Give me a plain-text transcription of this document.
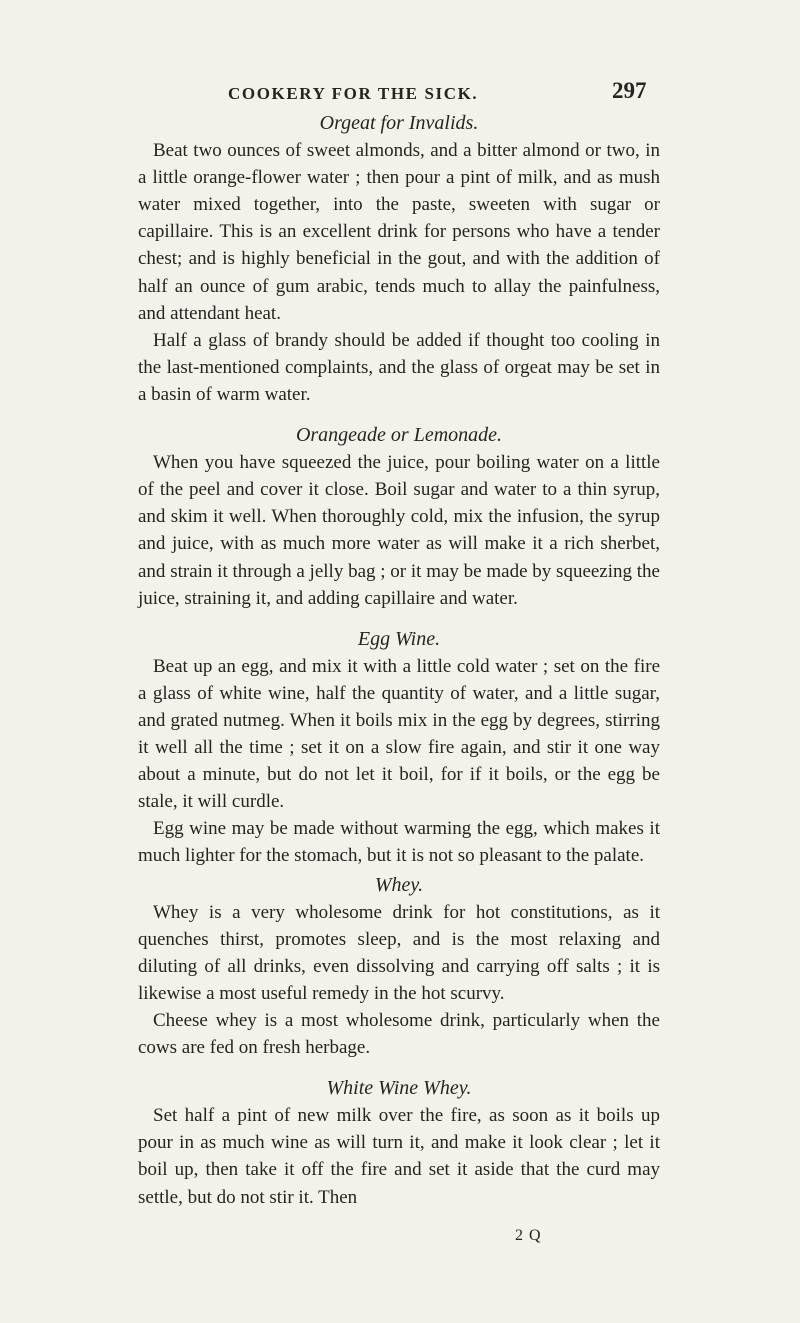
COOKERY FOR THE SICK.	297
Orgeat for Invalids.

Beat two ounces of sweet almonds, and a bitter almond or two, in a little orange-flower water ; then pour a pint of milk, and as mush water mixed together, into the paste, sweeten with sugar or capillaire. This is an excellent drink for persons who have a tender chest; and is highly beneficial in the gout, and with the addition of half an ounce of gum arabic, tends much to allay the painfulness, and attendant heat.

Half a glass of brandy should be added if thought too cooling in the last-mentioned complaints, and the glass of orgeat may be set in a basin of warm water.

Orangeade or Lemonade.

When you have squeezed the juice, pour boiling water on a little of the peel and cover it close. Boil sugar and water to a thin syrup, and skim it well. When thoroughly cold, mix the infusion, the syrup and juice, with as much more water as will make it a rich sherbet, and strain it through a jelly bag ; or it may be made by squeezing the juice, straining it, and adding capillaire and water.

Egg Wine.

Beat up an egg, and mix it with a little cold water ; set on the fire a glass of white wine, half the quantity of water, and a little sugar, and grated nutmeg. When it boils mix in the egg by degrees, stirring it well all the time ; set it on a slow fire again, and stir it one way about a minute, but do not let it boil, for if it boils, or the egg be stale, it will curdle.

Egg wine may be made without warming the egg, which makes it much lighter for the stomach, but it is not so pleasant to the palate.

Whey.

Whey is a very wholesome drink for hot constitutions, as it quenches thirst, promotes sleep, and is the most relaxing and diluting of all drinks, even dissolving and carrying off salts ; it is likewise a most useful remedy in the hot scurvy.

Cheese whey is a most wholesome drink, particularly when the cows are fed on fresh herbage.

White Wine Whey.

Set half a pint of new milk over the fire, as soon as it boils up pour in as much wine as will turn it, and make it look clear ; let it boil up, then take it off the fire and set it aside that the curd may settle, but do not stir it. Then

2 Q
